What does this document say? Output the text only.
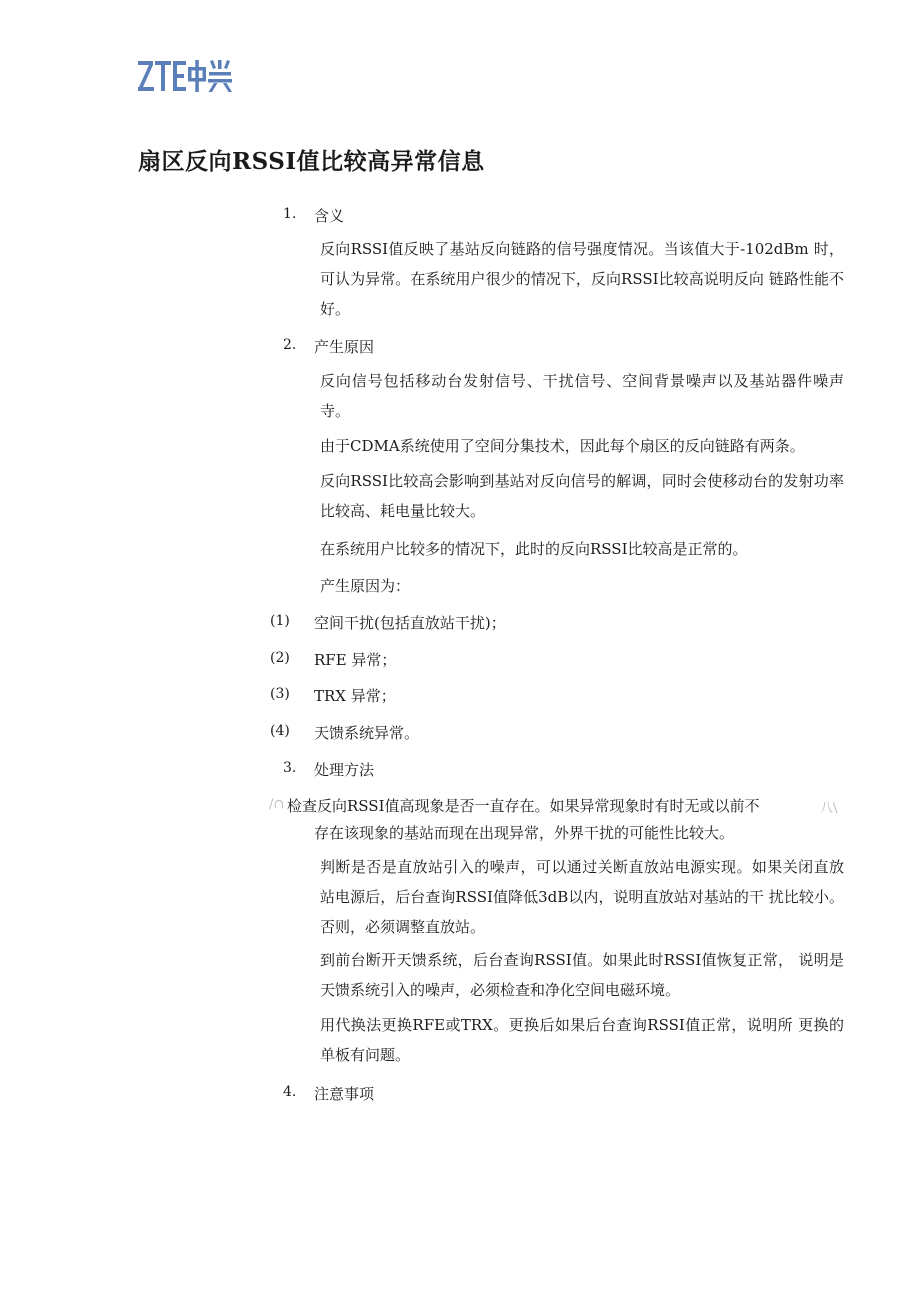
扇区反向RSSI值比较高异常信息
1. 含义
反向RSSI值反映了基站反向链路的信号强度情况。当该值大于-102dBm 时，可认为异常。在系统用户很少的情况下，反向RSSI比较高说明反向 链路性能不好。
2. 产生原因
反向信号包括移动台发射信号、干扰信号、空间背景噪声以及基站器件噪声寺。
由于CDMA系统使用了空间分集技术，因此每个扇区的反向链路有两条。
反向RSSI比较高会影响到基站对反向信号的解调，同时会使移动台的发射功率比较高、耗电量比较大。
在系统用户比较多的情况下，此时的反向RSSI比较高是正常的。
产生原因为：
(1) 空间干扰(包括直放站干扰)；
(2) RFE 异常；
(3) TRX 异常；
(4) 天馈系统异常。
3. 处理方法
/∩ 检查反向RSSI值高现象是否一直存在。如果异常现象时有时无或以前不	八\
存在该现象的基站而现在出现异常，外界干扰的可能性比较大。
判断是否是直放站引入的噪声，可以通过关断直放站电源实现。如果关闭直放站电源后，后台查询RSSI值降低3dB以内，说明直放站对基站的干 扰比较小。否则，必须调整直放站。
到前台断开天馈系统，后台查询RSSI值。如果此时RSSI值恢复正常， 说明是天馈系统引入的噪声，必须检查和净化空间电磁环境。
用代换法更换RFE或TRX。更换后如果后台查询RSSI值正常，说明所 更换的单板有问题。
4. 注意事项
